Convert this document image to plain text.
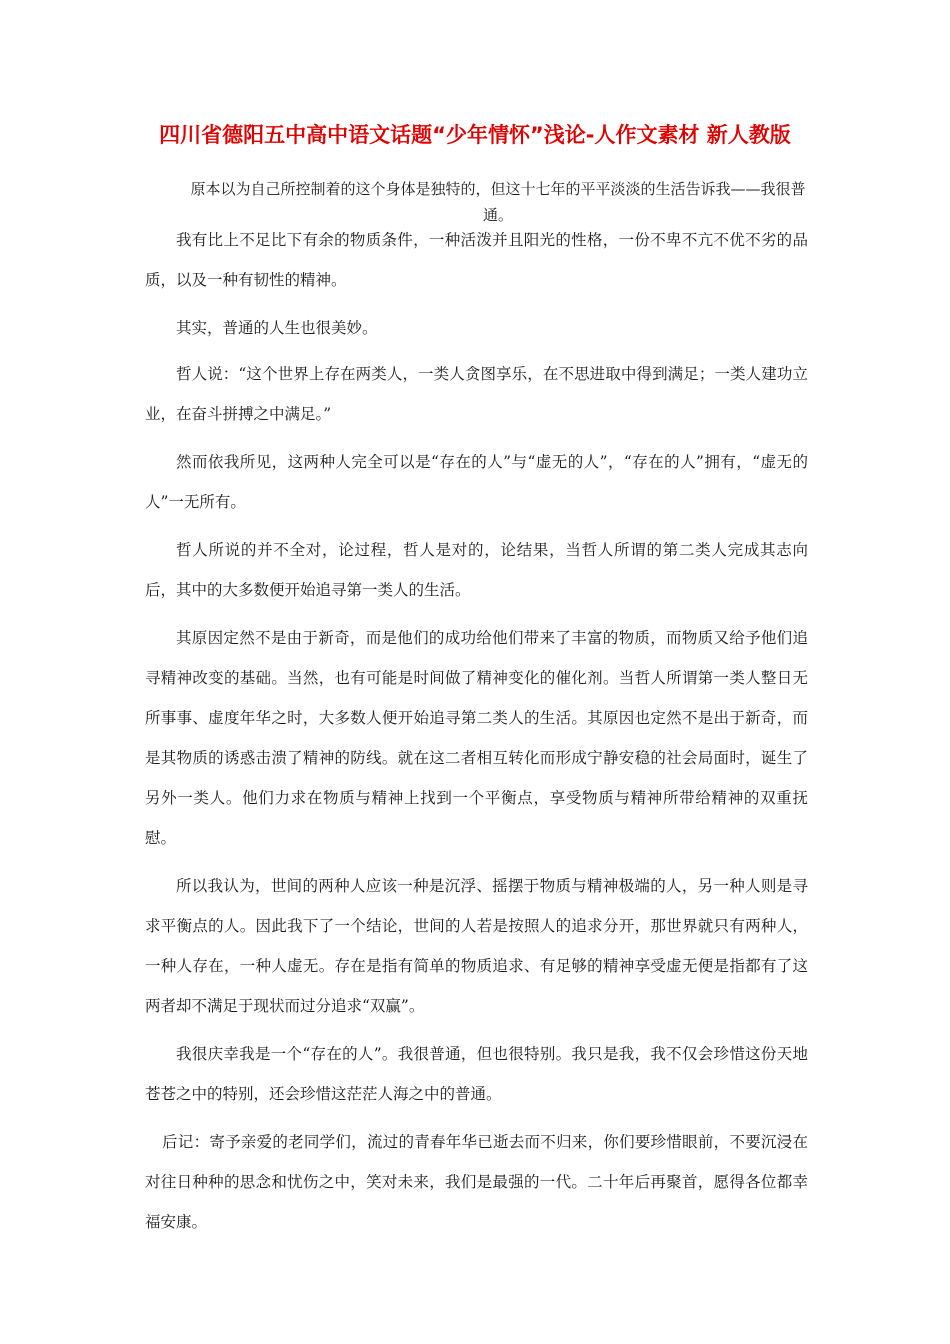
四川省德阳五中高中语文话题“少年情怀”浅论-人作文素材 新人教版

原本以为自己所控制着的这个身体是独特的，但这十七年的平平淡淡的生活告诉我——我很普通。

我有比上不足比下有余的物质条件，一种活泼并且阳光的性格，一份不卑不亢不优不劣的品质，以及一种有韧性的精神。

其实，普通的人生也很美妙。

哲人说：“这个世界上存在两类人，一类人贪图享乐，在不思进取中得到满足；一类人建功立业，在奋斗拼搏之中满足。”

然而依我所见，这两种人完全可以是“存在的人”与“虚无的人”，“存在的人”拥有，“虚无的人”一无所有。

哲人所说的并不全对，论过程，哲人是对的，论结果，当哲人所谓的第二类人完成其志向后，其中的大多数便开始追寻第一类人的生活。

其原因定然不是由于新奇，而是他们的成功给他们带来了丰富的物质，而物质又给予他们追寻精神改变的基础。当然，也有可能是时间做了精神变化的催化剂。当哲人所谓第一类人整日无所事事、虚度年华之时，大多数人便开始追寻第二类人的生活。其原因也定然不是出于新奇，而是其物质的诱惑击溃了精神的防线。就在这二者相互转化而形成宁静安稳的社会局面时，诞生了另外一类人。他们力求在物质与精神上找到一个平衡点，享受物质与精神所带给精神的双重抚慰。

所以我认为，世间的两种人应该一种是沉浮、摇摆于物质与精神极端的人，另一种人则是寻求平衡点的人。因此我下了一个结论，世间的人若是按照人的追求分开，那世界就只有两种人，一种人存在，一种人虚无。存在是指有简单的物质追求、有足够的精神享受虚无便是指都有了这两者却不满足于现状而过分追求“双赢”。

我很庆幸我是一个“存在的人”。我很普通，但也很特别。我只是我，我不仅会珍惜这份天地苍苍之中的特别，还会珍惜这茫茫人海之中的普通。

后记：寄予亲爱的老同学们，流过的青春年华已逝去而不归来，你们要珍惜眼前，不要沉浸在对往日种种的思念和忧伤之中，笑对未来，我们是最强的一代。二十年后再聚首，愿得各位都幸福安康。
